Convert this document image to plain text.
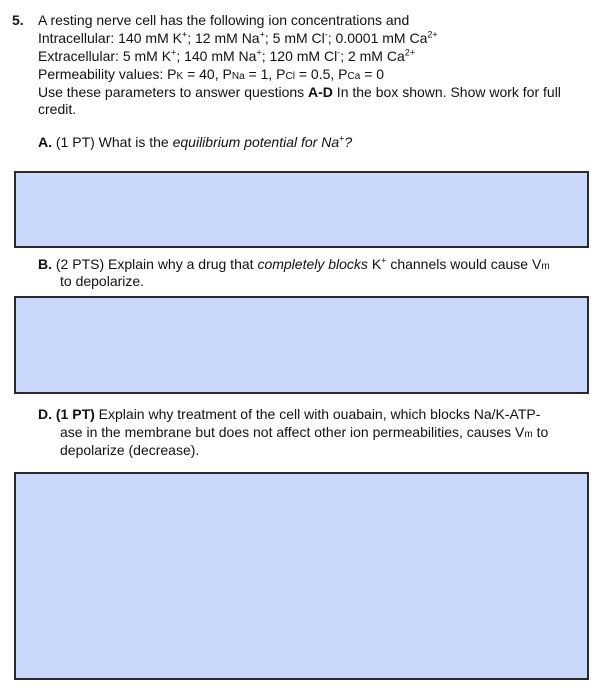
5. A resting nerve cell has the following ion concentrations and
Intracellular: 140 mM K+; 12 mM Na+; 5 mM Cl-; 0.0001 mM $Ca^{2+}$
Extracellular: 5 mM K+; 140 mM Na+; 120 mM Cl-; 2 mM $Ca^{2+}$
Permeability values: PK = 40, PNa = 1, PCl = 0.5, PCa = 0
Use these parameters to answer questions A-D In the box shown. Show work for full
credit.
A. (1 PT) What is the equilibrium potential for Na+?
B. (2 PTS) Explain why a drug that completely blocks K+ channels would cause Vm
to depolarize.
D. (1 PT) Explain why treatment of the cell with ouabain, which blocks Na/K-ATP-
ase in the membrane but does not affect other ion permeabilities, causes Vm to
depolarize (decrease).
